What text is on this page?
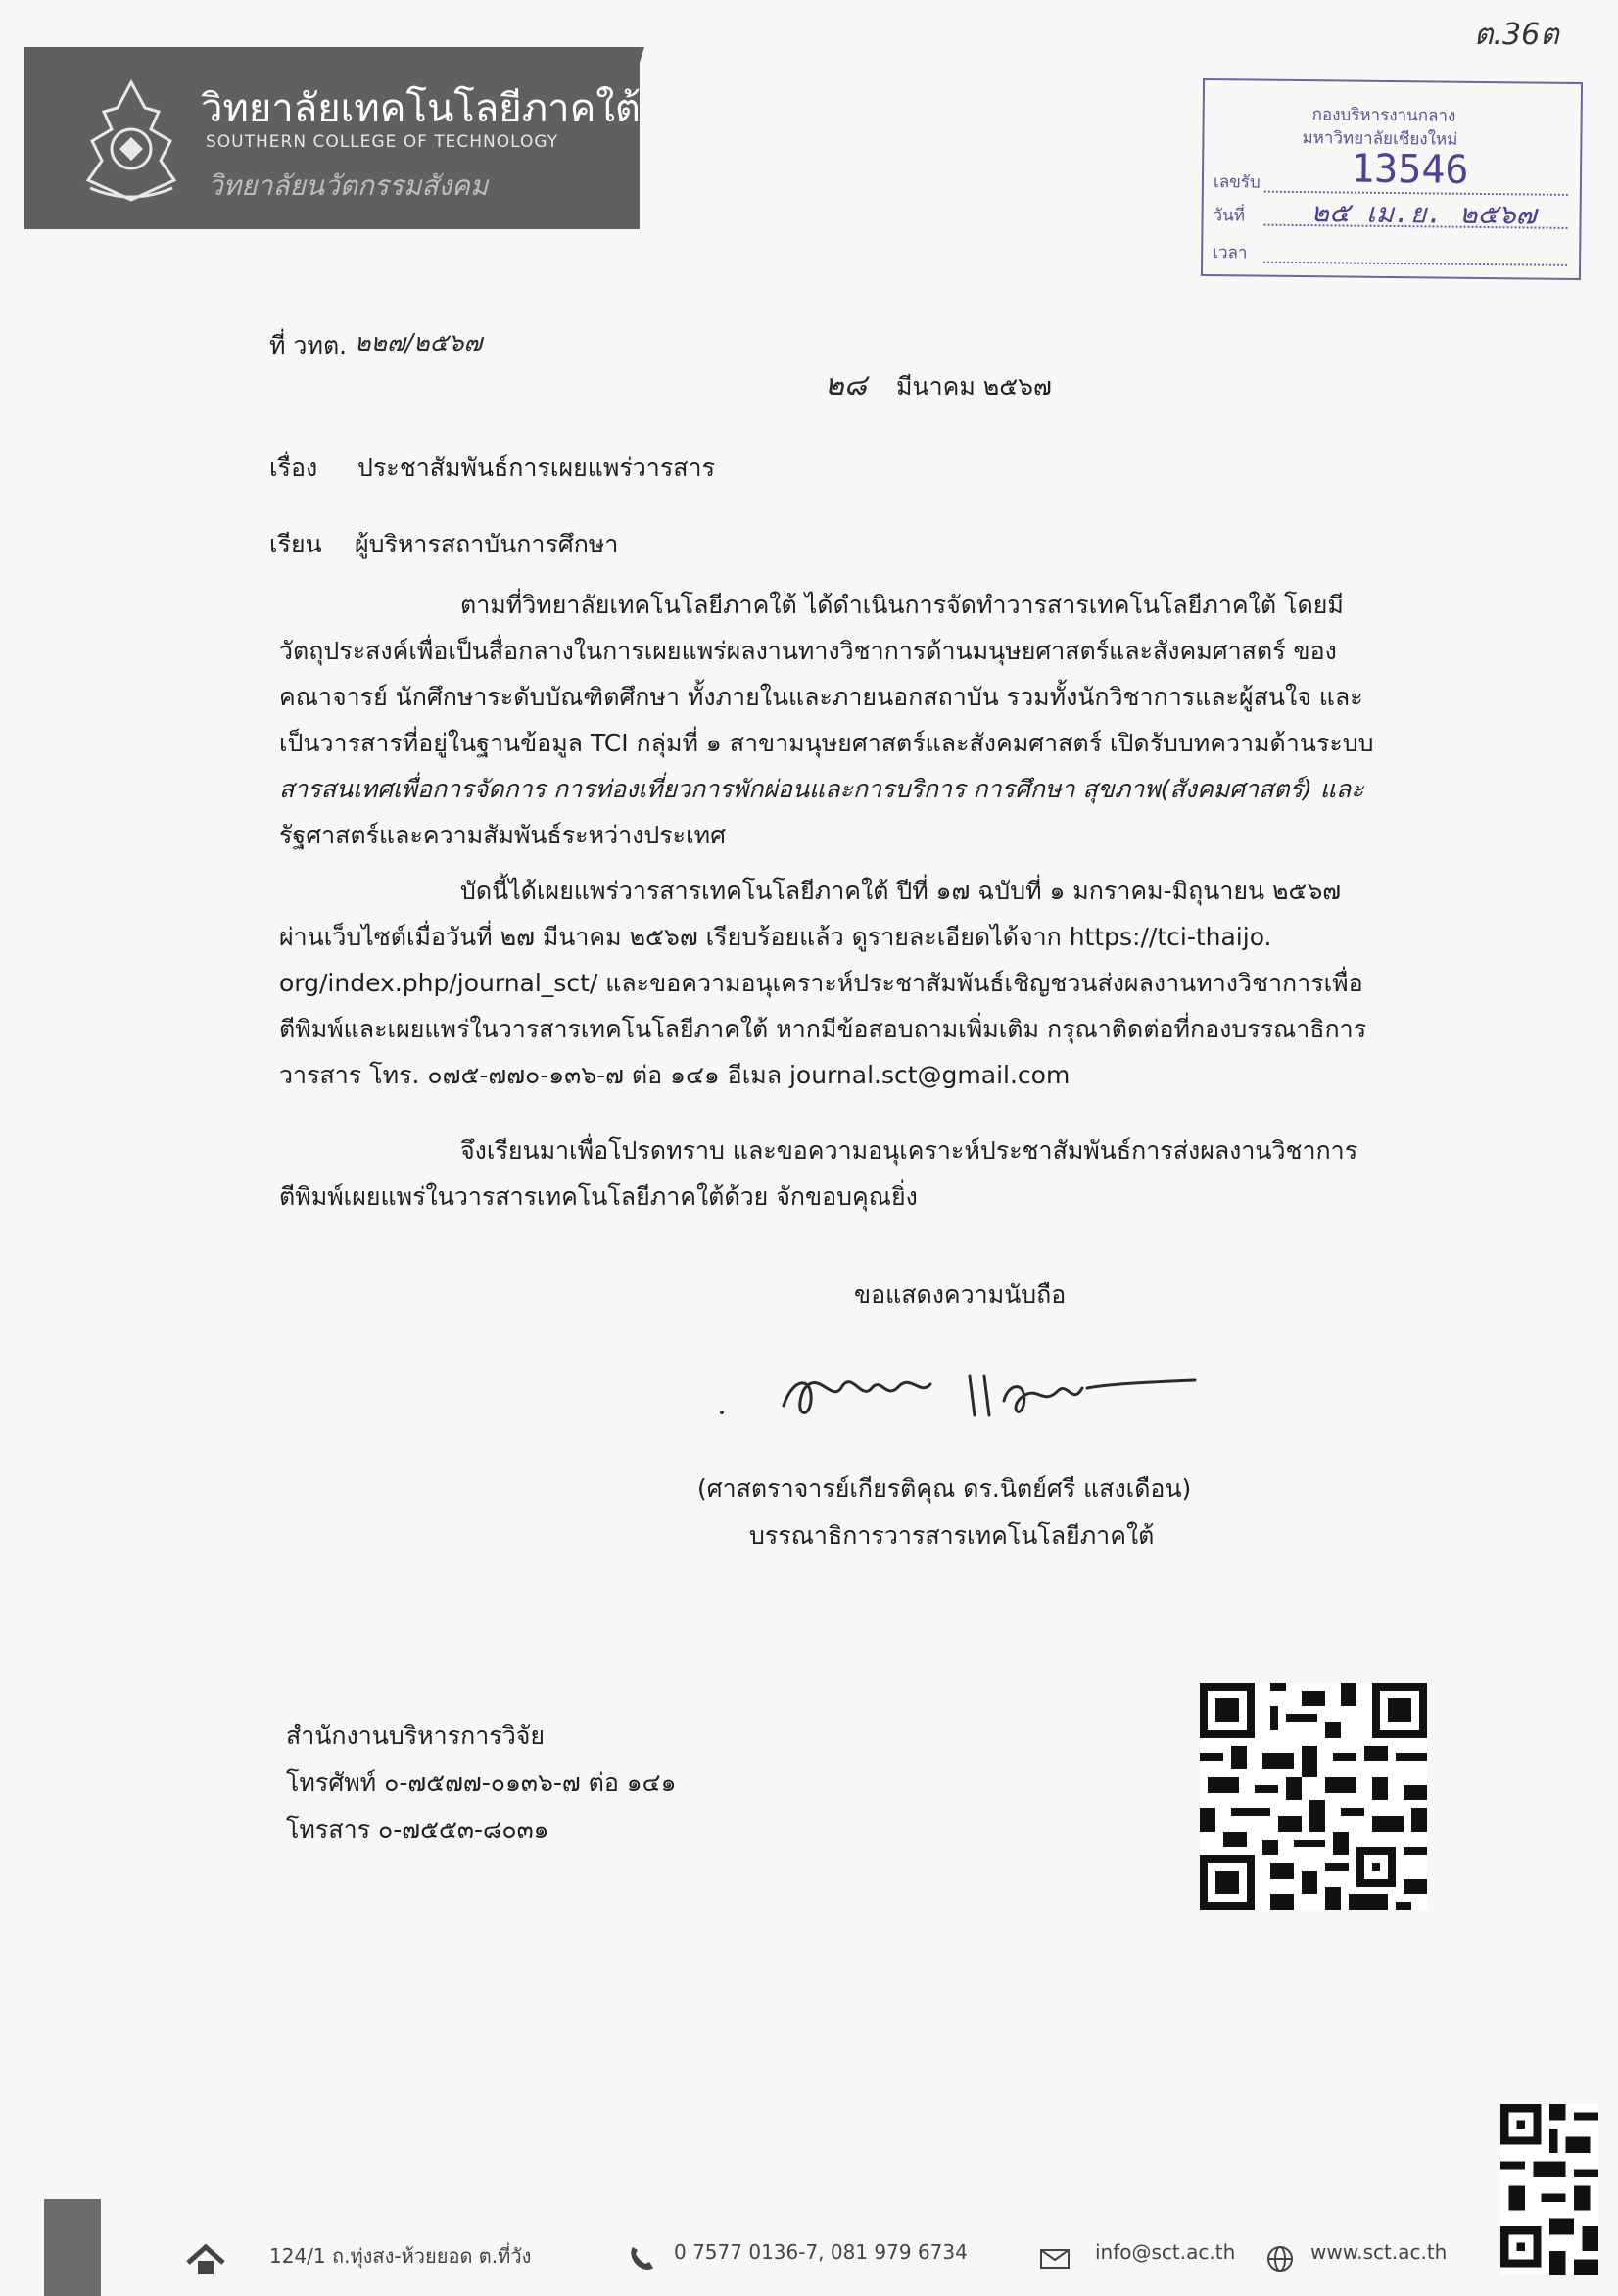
ต.36ต
วิทยาลัยเทคโนโลยีภาคใต้
SOUTHERN COLLEGE OF TECHNOLOGY
วิทยาลัยนวัตกรรมสังคม
กองบริหารงานกลาง
มหาวิทยาลัยเชียงใหม่
เลขรับ 13546
วันที่ ๒๕ เม.ย. ๒๕๖๗
เวลา
ที่ วทต. ๒๒๗/๒๕๖๗
๒๘ มีนาคม ๒๕๖๗
เรื่อง ประชาสัมพันธ์การเผยแพร่วารสาร
เรียน ผู้บริหารสถาบันการศึกษา
ตามที่วิทยาลัยเทคโนโลยีภาคใต้ ได้ดำเนินการจัดทำวารสารเทคโนโลยีภาคใต้ โดยมี
วัตถุประสงค์เพื่อเป็นสื่อกลางในการเผยแพร่ผลงานทางวิชาการด้านมนุษยศาสตร์และสังคมศาสตร์ ของ
คณาจารย์ นักศึกษาระดับบัณฑิตศึกษา ทั้งภายในและภายนอกสถาบัน รวมทั้งนักวิชาการและผู้สนใจ และ
เป็นวารสารที่อยู่ในฐานข้อมูล TCI กลุ่มที่ ๑ สาขามนุษยศาสตร์และสังคมศาสตร์ เปิดรับบทความด้านระบบ
สารสนเทศเพื่อการจัดการ การท่องเที่ยวการพักผ่อนและการบริการ การศึกษา สุขภาพ(สังคมศาสตร์) และ
รัฐศาสตร์และความสัมพันธ์ระหว่างประเทศ
บัดนี้ได้เผยแพร่วารสารเทคโนโลยีภาคใต้ ปีที่ ๑๗ ฉบับที่ ๑ มกราคม-มิถุนายน ๒๕๖๗
ผ่านเว็บไซต์เมื่อวันที่ ๒๗ มีนาคม ๒๕๖๗ เรียบร้อยแล้ว ดูรายละเอียดได้จาก https://tci-thaijo.
org/index.php/journal_sct/ และขอความอนุเคราะห์ประชาสัมพันธ์เชิญชวนส่งผลงานทางวิชาการเพื่อ
ตีพิมพ์และเผยแพร่ในวารสารเทคโนโลยีภาคใต้ หากมีข้อสอบถามเพิ่มเติม กรุณาติดต่อที่กองบรรณาธิการ
วารสาร โทร. ๐๗๕-๗๗๐-๑๓๖-๗ ต่อ ๑๔๑ อีเมล journal.sct@gmail.com
จึงเรียนมาเพื่อโปรดทราบ และขอความอนุเคราะห์ประชาสัมพันธ์การส่งผลงานวิชาการ
ตีพิมพ์เผยแพร่ในวารสารเทคโนโลยีภาคใต้ด้วย จักขอบคุณยิ่ง
ขอแสดงความนับถือ
(ศาสตราจารย์เกียรติคุณ ดร.นิตย์ศรี แสงเดือน)
บรรณาธิการวารสารเทคโนโลยีภาคใต้
สำนักงานบริหารการวิจัย
โทรศัพท์ ๐-๗๕๗๗-๐๑๓๖-๗ ต่อ ๑๔๑
โทรสาร ๐-๗๕๕๓-๘๐๓๑
124/1 ถ.ทุ่งสง-ห้วยยอด ต.ที่วัง	0 7577 0136-7, 081 979 6734	info@sct.ac.th	www.sct.ac.th
